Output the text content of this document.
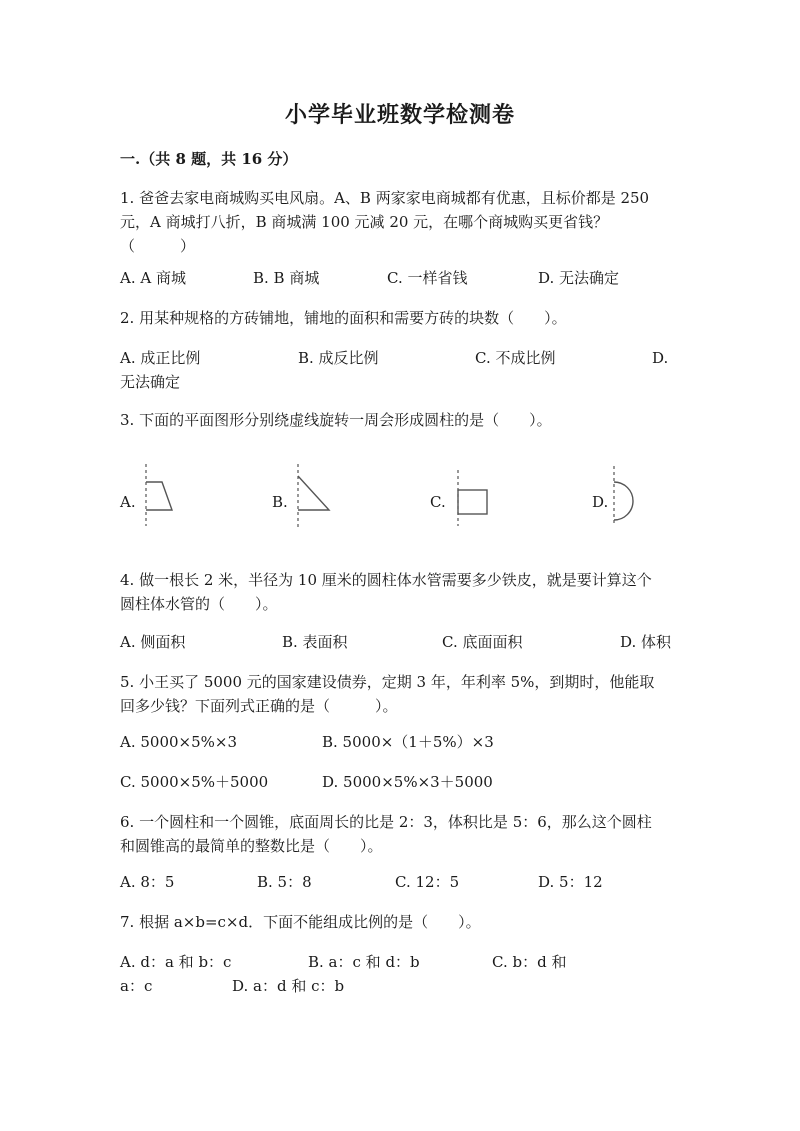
小学毕业班数学检测卷
一.（共 8 题，共 16 分）
1. 爸爸去家电商城购买电风扇。A、B 两家家电商城都有优惠，且标价都是 250
元，A 商城打八折，B 商城满 100 元减 20 元，在哪个商城购买更省钱？
（　　　）
A. A 商城	B. B 商城	C. 一样省钱	D. 无法确定
2. 用某种规格的方砖铺地，铺地的面积和需要方砖的块数（　　）。
A. 成正比例	B. 成反比例	C. 不成比例	D.
无法确定
3. 下面的平面图形分别绕虚线旋转一周会形成圆柱的是（　　）。
A.	B.	C.	D.
4. 做一根长 2 米，半径为 10 厘米的圆柱体水管需要多少铁皮，就是要计算这个
圆柱体水管的（　　）。
A. 侧面积	B. 表面积	C. 底面面积	D. 体积
5. 小王买了 5000 元的国家建设债券，定期 3 年，年利率 5%，到期时，他能取
回多少钱？下面列式正确的是（　　　）。
A. 5000×5%×3	B. 5000×（1＋5%）×3
C. 5000×5%＋5000	D. 5000×5%×3＋5000
6. 一个圆柱和一个圆锥，底面周长的比是 2：3，体积比是 5：6，那么这个圆柱
和圆锥高的最简单的整数比是（　　）。
A. 8：5	B. 5：8	C. 12：5	D. 5：12
7. 根据 a×b=c×d．下面不能组成比例的是（　　）。
A. d：a 和 b：c	B. a：c 和 d：b	C. b：d 和
a：c	D. a：d 和 c：b
